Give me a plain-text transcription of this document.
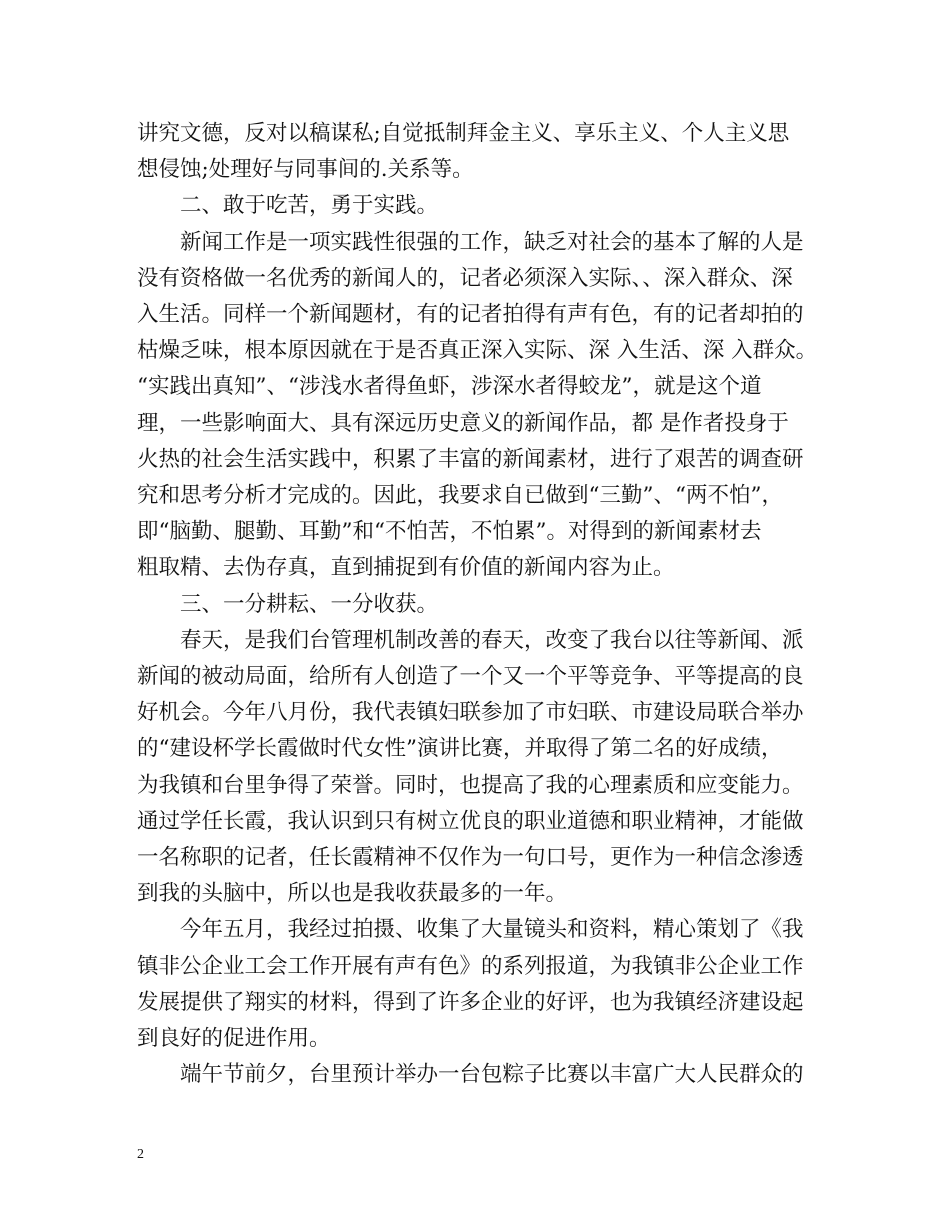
讲究文德，反对以稿谋私;自觉抵制拜金主义、享乐主义、个人主义思
想侵蚀;处理好与同事间的.关系等。
　　二、敢于吃苦，勇于实践。
　　新闻工作是一项实践性很强的工作，缺乏对社会的基本了解的人是
没有资格做一名优秀的新闻人的，记者必须深入实际、、深入群众、深
入生活。同样一个新闻题材，有的记者拍得有声有色，有的记者却拍的
枯燥乏味，根本原因就在于是否真正深入实际、深 入生活、深 入群众。
“实践出真知”、“涉浅水者得鱼虾，涉深水者得蛟龙”，就是这个道
理，一些影响面大、具有深远历史意义的新闻作品，都 是作者投身于
火热的社会生活实践中，积累了丰富的新闻素材，进行了艰苦的调查研
究和思考分析才完成的。因此，我要求自已做到“三勤”、“两不怕”，
即“脑勤、腿勤、耳勤”和“不怕苦，不怕累”。对得到的新闻素材去
粗取精、去伪存真，直到捕捉到有价值的新闻内容为止。
　　三、一分耕耘、一分收获。
　　春天，是我们台管理机制改善的春天，改变了我台以往等新闻、派
新闻的被动局面，给所有人创造了一个又一个平等竞争、平等提高的良
好机会。今年八月份，我代表镇妇联参加了市妇联、市建设局联合举办
的“建设杯学长霞做时代女性”演讲比赛，并取得了第二名的好成绩，
为我镇和台里争得了荣誉。同时，也提高了我的心理素质和应变能力。
通过学任长霞，我认识到只有树立优良的职业道德和职业精神，才能做
一名称职的记者，任长霞精神不仅作为一句口号，更作为一种信念渗透
到我的头脑中，所以也是我收获最多的一年。
　　今年五月，我经过拍摄、收集了大量镜头和资料，精心策划了《我
镇非公企业工会工作开展有声有色》的系列报道，为我镇非公企业工作
发展提供了翔实的材料，得到了许多企业的好评，也为我镇经济建设起
到良好的促进作用。
　　端午节前夕，台里预计举办一台包粽子比赛以丰富广大人民群众的
2
